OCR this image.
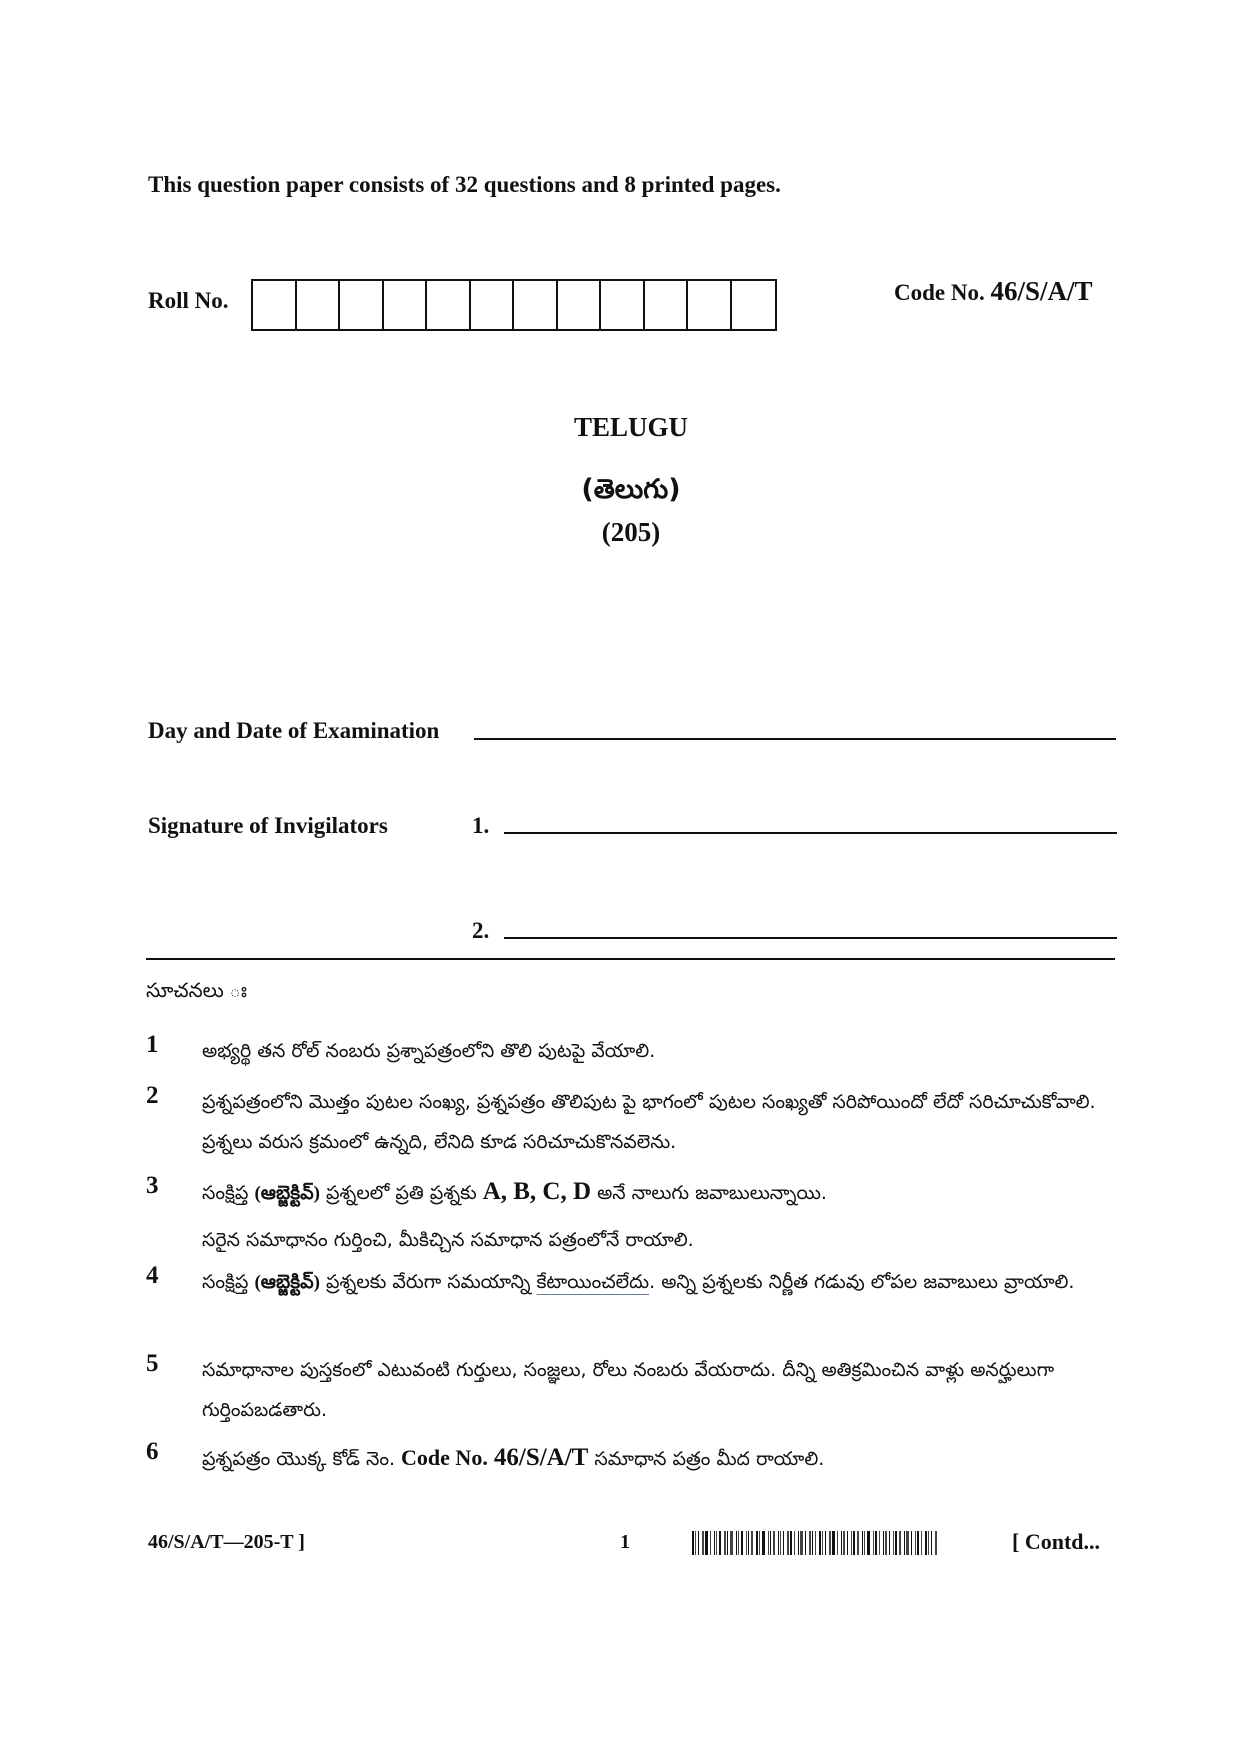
This question paper consists of 32 questions and 8 printed pages.
Roll No.	Code No. 46/S/A/T
TELUGU
(తెలుగు)
(205)
Day and Date of Examination
Signature of Invigilators	1.
2.
సూచనలు ః
1	అభ్యర్థి తన రోల్ నంబరు ప్రశ్నాపత్రంలోని తొలి పుటపై వేయాలి.
2	ప్రశ్నపత్రంలోని మొత్తం పుటల సంఖ్య, ప్రశ్నపత్రం తొలిపుట పై భాగంలో పుటల సంఖ్యతో సరిపోయిందో లేదో సరిచూచుకోవాలి. ప్రశ్నలు వరుస క్రమంలో ఉన్నది, లేనిది కూడ సరిచూచుకొనవలెను.
3	సంక్షిప్త (ఆబ్జెక్టివ్) ప్రశ్నలలో ప్రతి ప్రశ్నకు A, B, C, D అనే నాలుగు జవాబులున్నాయి.
సరైన సమాధానం గుర్తించి, మీకిచ్చిన సమాధాన పత్రంలోనే రాయాలి.
4	సంక్షిప్త (ఆబ్జెక్టివ్) ప్రశ్నలకు వేరుగా సమయాన్ని కేటాయించలేదు. అన్ని ప్రశ్నలకు నిర్ణీత గడువు లోపల జవాబులు వ్రాయాలి.
5	సమాధానాల పుస్తకంలో ఎటువంటి గుర్తులు, సంజ్ఞలు, రోలు నంబరు వేయరాదు. దీన్ని అతిక్రమించిన వాళ్లు అనర్హులుగా గుర్తింపబడతారు.
6	ప్రశ్నపత్రం యొక్క కోడ్ నెం. Code No. 46/S/A/T సమాధాన పత్రం మీద రాయాలి.
46/S/A/T—205-T ]	1	[ Contd...
